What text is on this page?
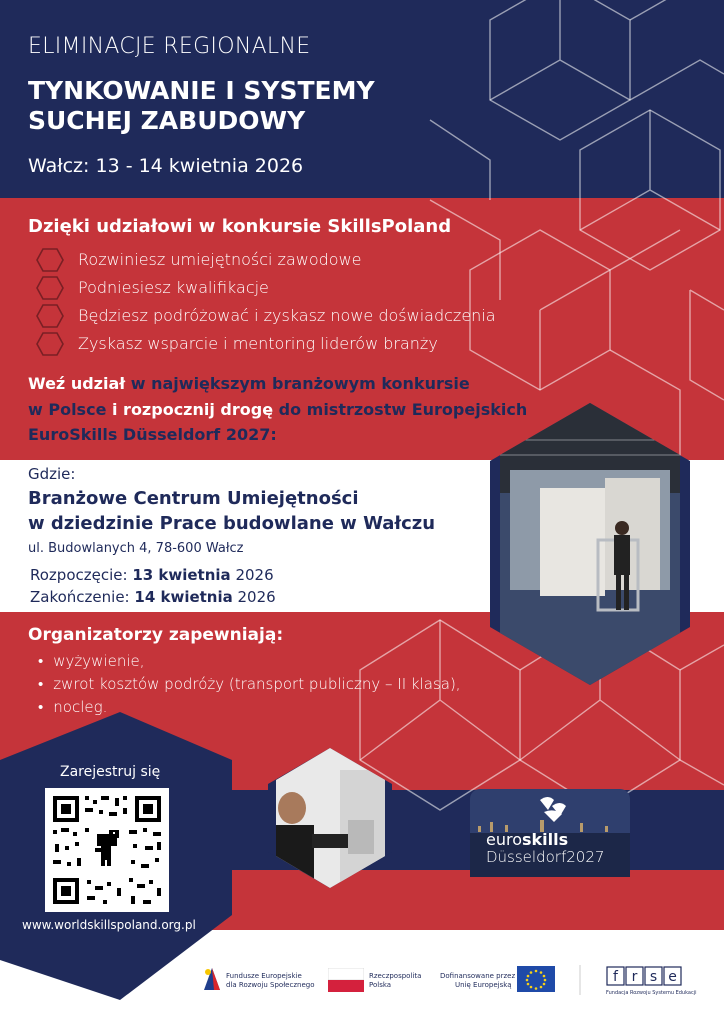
ELIMINACJE REGIONALNE
TYNKOWANIE I SYSTEMY
SUCHEJ ZABUDOWY
Wałcz: 13 - 14 kwietnia 2026
Dzięki udziałowi w konkursie SkillsPoland
Rozwiniesz umiejętności zawodowe
Podniesiesz kwalifikacje
Będziesz podróżować i zyskasz nowe doświadczenia
Zyskasz wsparcie i mentoring liderów branży
Weź udział w największym branżowym konkursie
w Polsce i rozpocznij drogę do mistrzostw Europejskich
EuroSkills Düsseldorf 2027:
Gdzie:
Branżowe Centrum Umiejętności
w dziedzinie Prace budowlane w Wałczu
ul. Budowlanych 4, 78-600 Wałcz
Rozpoczęcie: 13 kwietnia 2026
Zakończenie: 14 kwietnia 2026
Organizatorzy zapewniają:
• wyżywienie,
• zwrot kosztów podróży (transport publiczny – II klasa),
• nocleg.
Zarejestruj się
www.worldskillspoland.org.pl
euroskills
Düsseldorf2027
Fundusze Europejskie
dla Rozwoju Społecznego
Rzeczpospolita
Polska
Dofinansowane przez
Unię Europejską	f r s e
Fundacja Rozwoju Systemu Edukacji
